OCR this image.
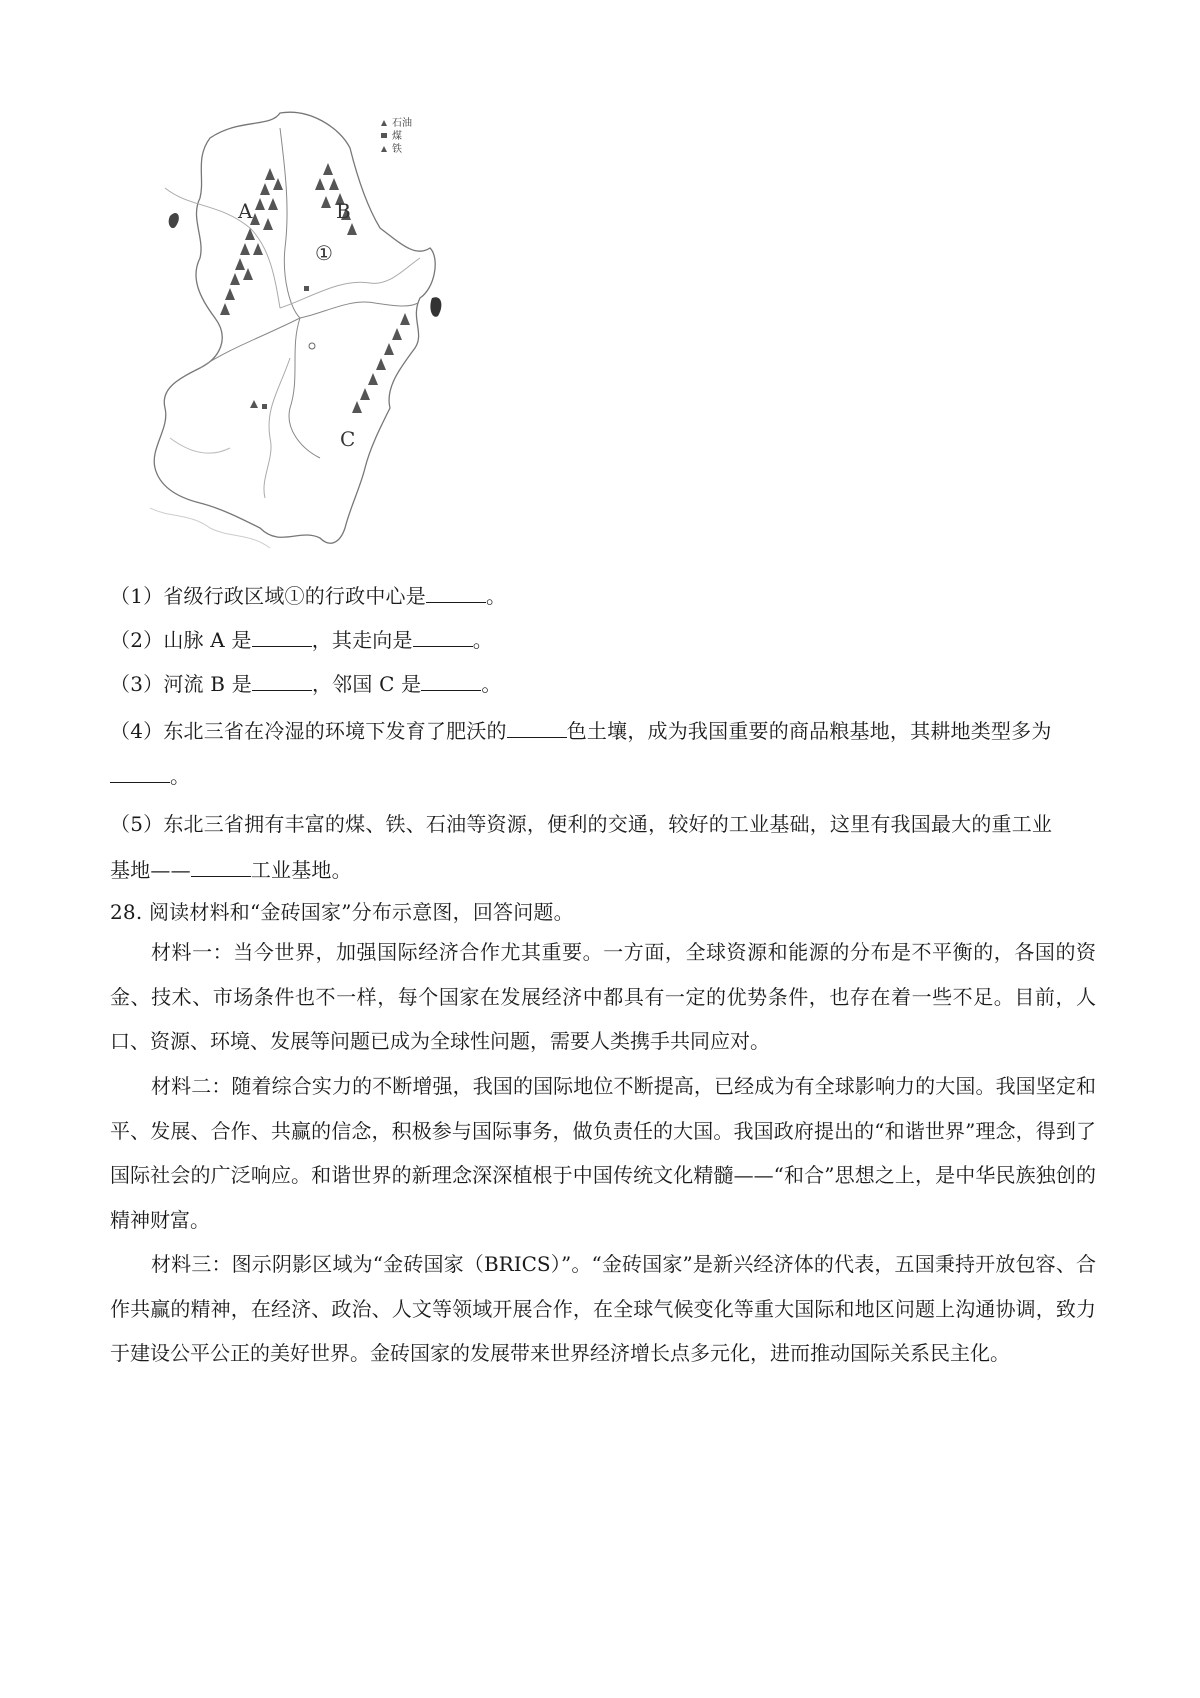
A	B
C
①
石油
煤
铁
（1）省级行政区域①的行政中心是	。
（2）山脉 A 是	，其走向是	。
（3）河流 B 是	，邻国 C 是	。
（4）东北三省在冷湿的环境下发育了肥沃的	色土壤，成为我国重要的商品粮基地，其耕地类型多为
。
（5）东北三省拥有丰富的煤、铁、石油等资源，便利的交通，较好的工业基础，这里有我国最大的重工业
基地——	工业基地。
28. 阅读材料和“金砖国家”分布示意图，回答问题。
材料一：当今世界，加强国际经济合作尤其重要。一方面，全球资源和能源的分布是不平衡的，各国的资金、技术、市场条件也不一样，每个国家在发展经济中都具有一定的优势条件，也存在着一些不足。目前，人口、资源、环境、发展等问题已成为全球性问题，需要人类携手共同应对。
材料二：随着综合实力的不断增强，我国的国际地位不断提高，已经成为有全球影响力的大国。我国坚定和平、发展、合作、共赢的信念，积极参与国际事务，做负责任的大国。我国政府提出的“和谐世界”理念，得到了国际社会的广泛响应。和谐世界的新理念深深植根于中国传统文化精髓——“和合”思想之上，是中华民族独创的精神财富。
材料三：图示阴影区域为“金砖国家（BRICS）”。“金砖国家”是新兴经济体的代表，五国秉持开放包容、合作共赢的精神，在经济、政治、人文等领域开展合作，在全球气候变化等重大国际和地区问题上沟通协调，致力于建设公平公正的美好世界。金砖国家的发展带来世界经济增长点多元化，进而推动国际关系民主化。
